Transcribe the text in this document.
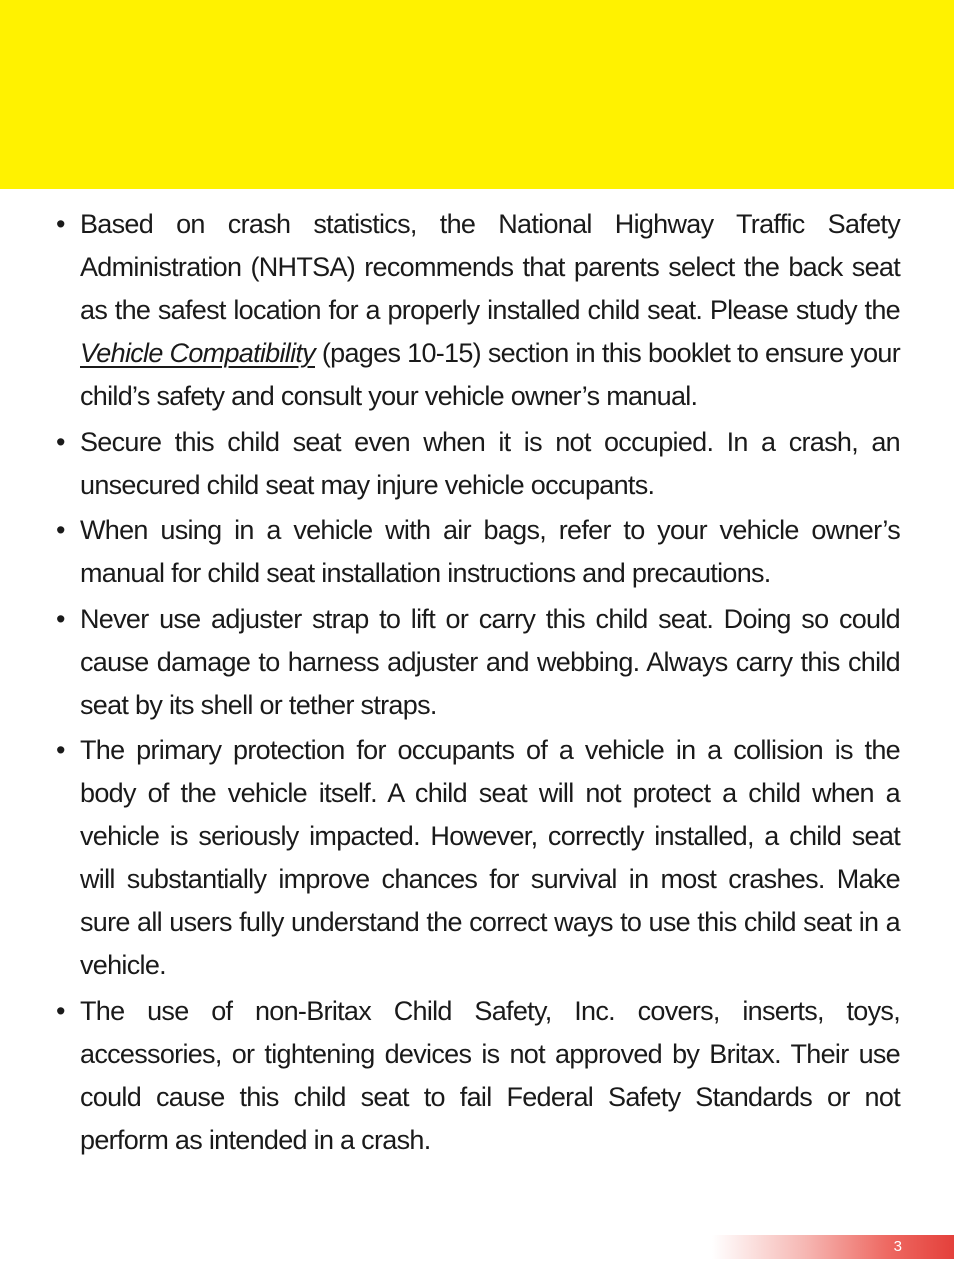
• Based on crash statistics, the National Highway Traffic Safety Administration (NHTSA) recommends that parents select the back seat as the safest location for a properly installed child seat. Please study the Vehicle Compatibility (pages 10-15) section in this booklet to ensure your child’s safety and consult your vehicle owner’s manual.
• Secure this child seat even when it is not occupied. In a crash, an unsecured child seat may injure vehicle occupants.
• When using in a vehicle with air bags, refer to your vehicle owner’s manual for child seat installation instructions and precautions.
• Never use adjuster strap to lift or carry this child seat. Doing so could cause damage to harness adjuster and webbing. Always carry this child seat by its shell or tether straps.
• The primary protection for occupants of a vehicle in a collision is the body of the vehicle itself. A child seat will not protect a child when a vehicle is seriously impacted. However, correctly installed, a child seat will substantially improve chances for survival in most crashes. Make sure all users fully understand the correct ways to use this child seat in a vehicle.
• The use of non-Britax Child Safety, Inc. covers, inserts, toys, accessories, or tightening devices is not approved by Britax. Their use could cause this child seat to fail Federal Safety Standards or not perform as intended in a crash.
3
